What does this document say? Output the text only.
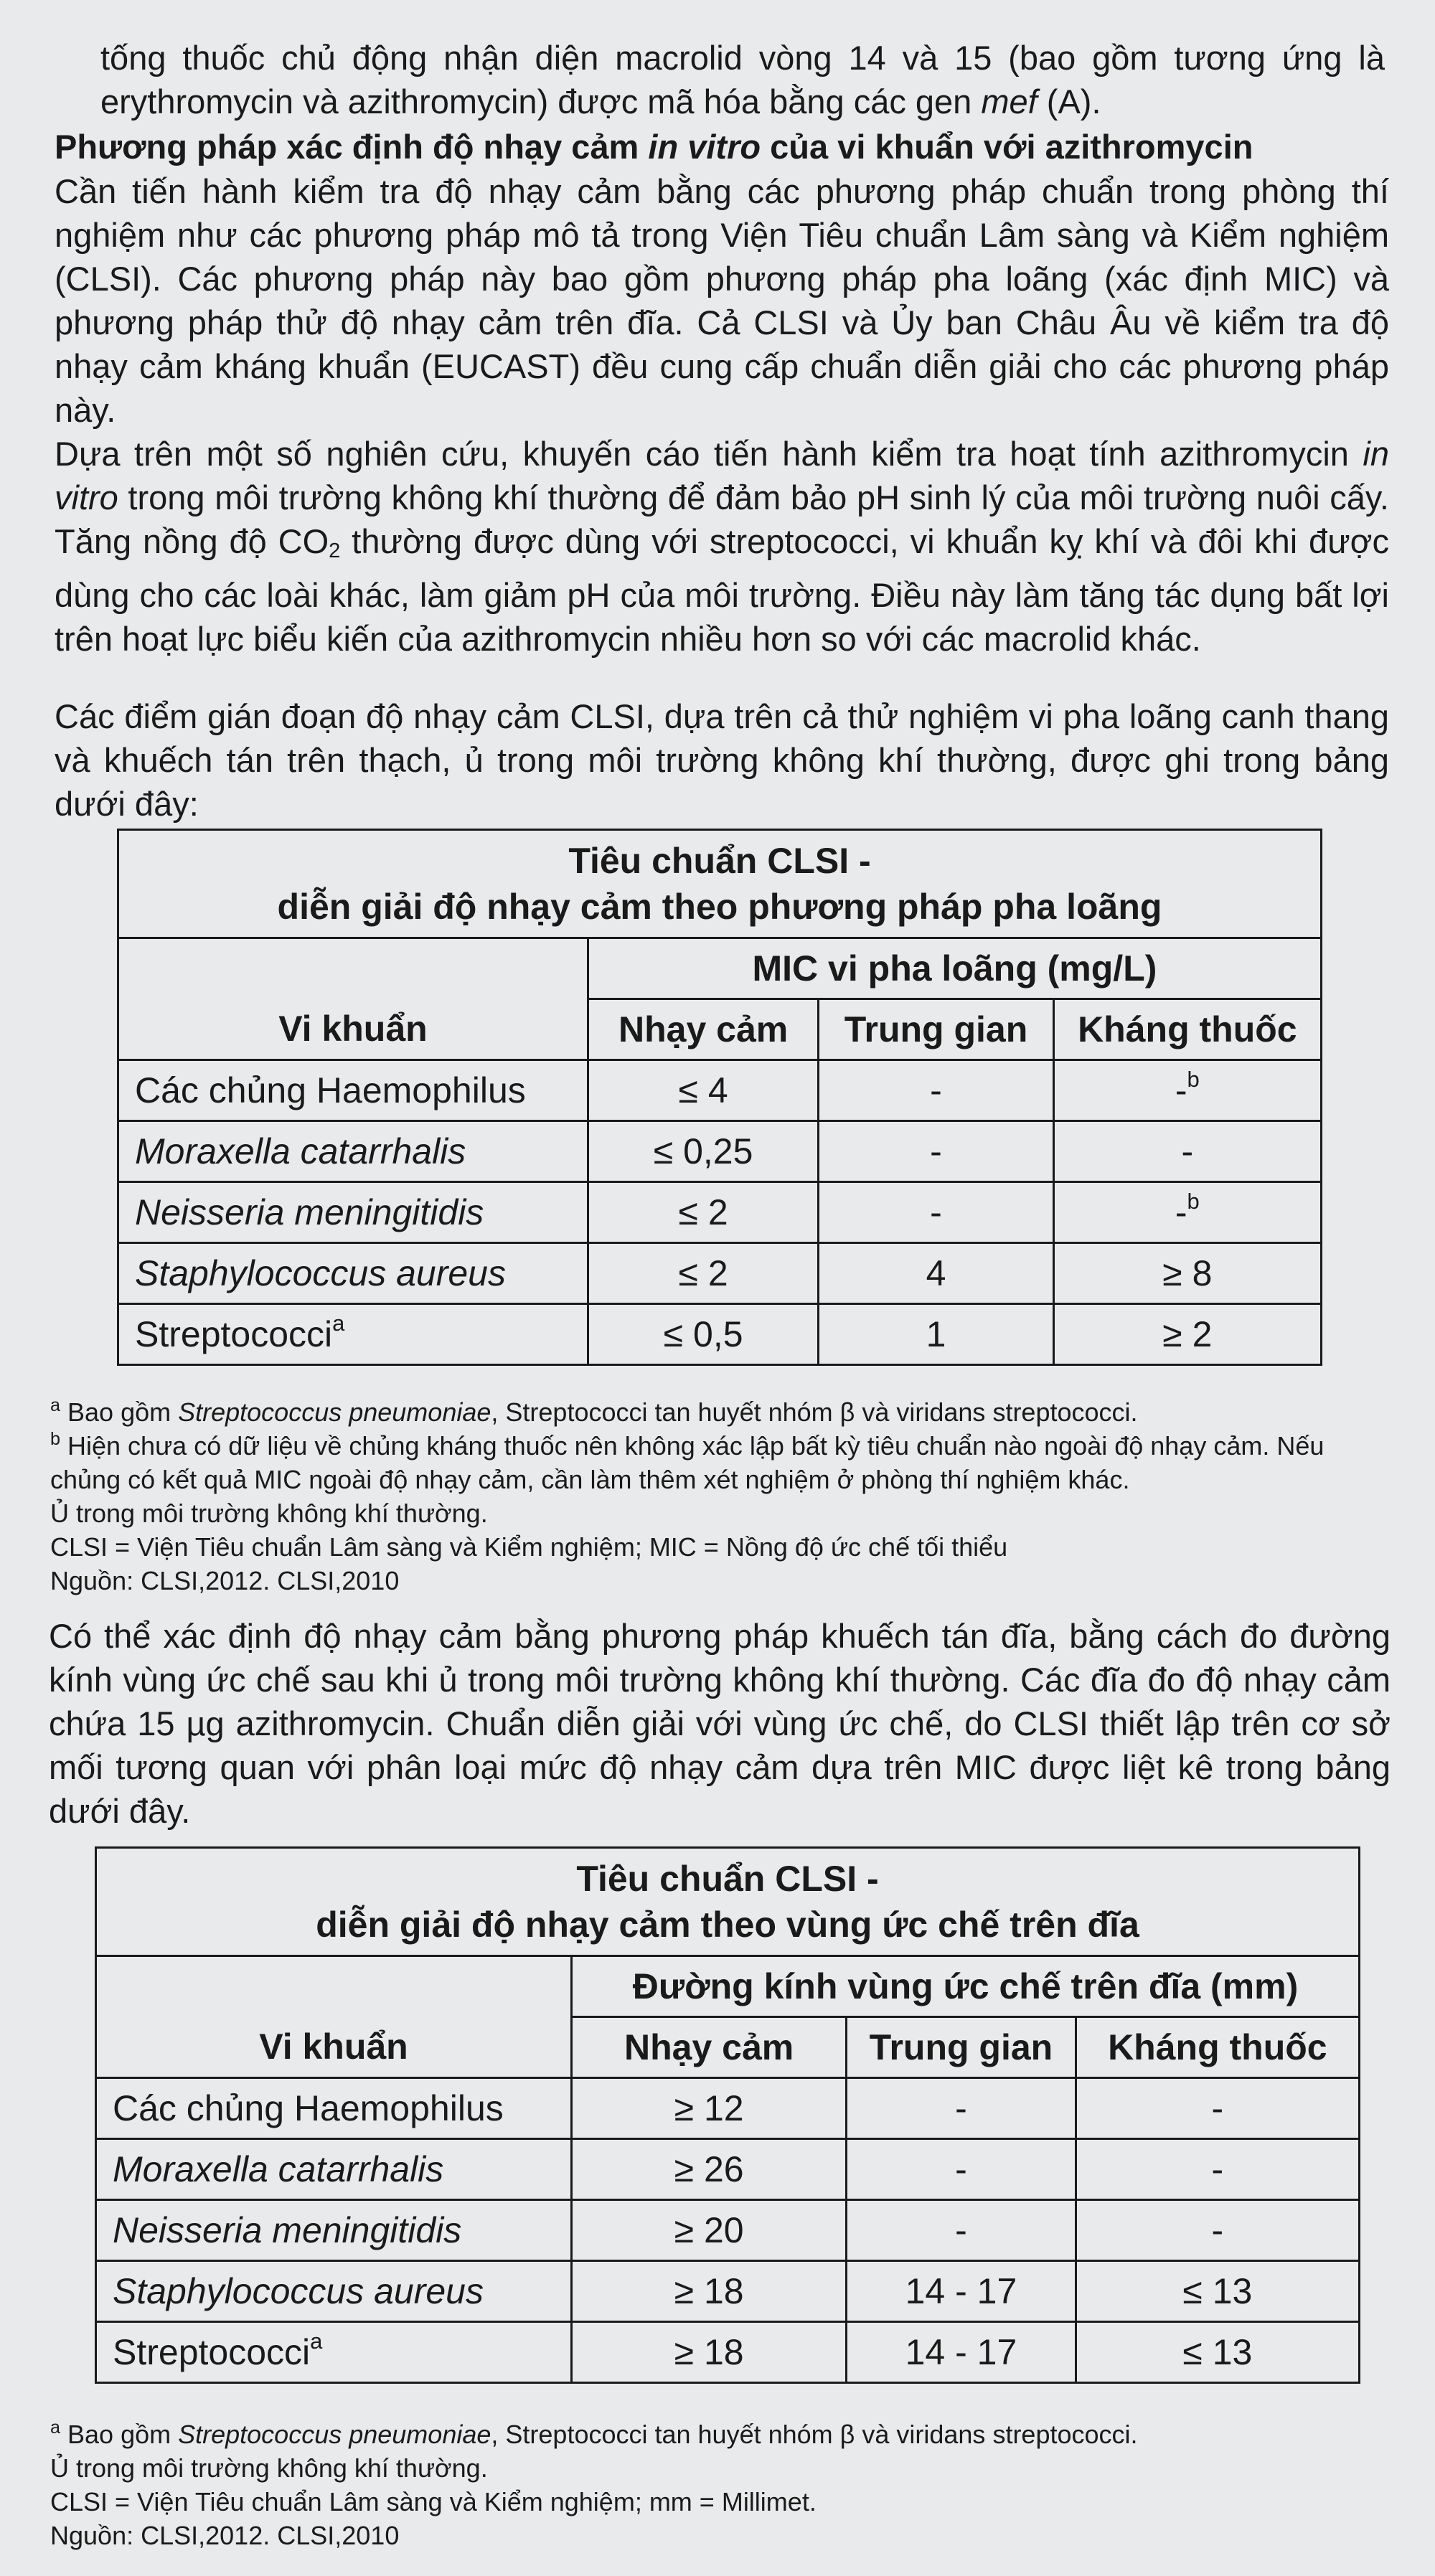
tống thuốc chủ động nhận diện macrolid vòng 14 và 15 (bao gồm tương ứng là erythromycin và azithromycin) được mã hóa bằng các gen mef (A).

Phương pháp xác định độ nhạy cảm in vitro của vi khuẩn với azithromycin

Cần tiến hành kiểm tra độ nhạy cảm bằng các phương pháp chuẩn trong phòng thí nghiệm như các phương pháp mô tả trong Viện Tiêu chuẩn Lâm sàng và Kiểm nghiệm (CLSI). Các phương pháp này bao gồm phương pháp pha loãng (xác định MIC) và phương pháp thử độ nhạy cảm trên đĩa. Cả CLSI và Ủy ban Châu Âu về kiểm tra độ nhạy cảm kháng khuẩn (EUCAST) đều cung cấp chuẩn diễn giải cho các phương pháp này.

Dựa trên một số nghiên cứu, khuyến cáo tiến hành kiểm tra hoạt tính azithromycin in vitro trong môi trường không khí thường để đảm bảo pH sinh lý của môi trường nuôi cấy. Tăng nồng độ $CO_2$ thường được dùng với streptococci, vi khuẩn kỵ khí và đôi khi được dùng cho các loài khác, làm giảm pH của môi trường. Điều này làm tăng tác dụng bất lợi trên hoạt lực biểu kiến của azithromycin nhiều hơn so với các macrolid khác.

Các điểm gián đoạn độ nhạy cảm CLSI, dựa trên cả thử nghiệm vi pha loãng canh thang và khuếch tán trên thạch, ủ trong môi trường không khí thường, được ghi trong bảng dưới đây:

Tiêu chuẩn CLSI -
diễn giải độ nhạy cảm theo phương pháp pha loãng			
	MIC vi pha loãng (mg/L)		
Vi khuẩn	Nhạy cảm	Trung gian	Kháng thuốc
Các chủng Haemophilus	≤ 4	-	-$^b$
Moraxella catarrhalis	≤ 0,25	-	-
Neisseria meningitidis	≤ 2	-	-$^b$
Staphylococcus aureus	≤ 2	4	≥ 8
Streptococci$^a$	≤ 0,5	1	≥ 2
$^a$ Bao gồm Streptococcus pneumoniae, Streptococci tan huyết nhóm β và viridans streptococci.
$^b$ Hiện chưa có dữ liệu về chủng kháng thuốc nên không xác lập bất kỳ tiêu chuẩn nào ngoài độ nhạy cảm. Nếu chủng có kết quả MIC ngoài độ nhạy cảm, cần làm thêm xét nghiệm ở phòng thí nghiệm khác.
Ủ trong môi trường không khí thường.
CLSI = Viện Tiêu chuẩn Lâm sàng và Kiểm nghiệm; MIC = Nồng độ ức chế tối thiểu
Nguồn: CLSI,2012. CLSI,2010

Có thể xác định độ nhạy cảm bằng phương pháp khuếch tán đĩa, bằng cách đo đường kính vùng ức chế sau khi ủ trong môi trường không khí thường. Các đĩa đo độ nhạy cảm chứa 15 µg azithromycin. Chuẩn diễn giải với vùng ức chế, do CLSI thiết lập trên cơ sở mối tương quan với phân loại mức độ nhạy cảm dựa trên MIC được liệt kê trong bảng dưới đây.

Tiêu chuẩn CLSI -
diễn giải độ nhạy cảm theo vùng ức chế trên đĩa			
	Đường kính vùng ức chế trên đĩa (mm)		
Vi khuẩn	Nhạy cảm	Trung gian	Kháng thuốc
Các chủng Haemophilus	≥ 12	-	-
Moraxella catarrhalis	≥ 26	-	-
Neisseria meningitidis	≥ 20	-	-
Staphylococcus aureus	≥ 18	14 - 17	≤ 13
Streptococci$^a$	≥ 18	14 - 17	≤ 13
$^a$ Bao gồm Streptococcus pneumoniae, Streptococci tan huyết nhóm β và viridans streptococci.
Ủ trong môi trường không khí thường.
CLSI = Viện Tiêu chuẩn Lâm sàng và Kiểm nghiệm; mm = Millimet.
Nguồn: CLSI,2012. CLSI,2010
